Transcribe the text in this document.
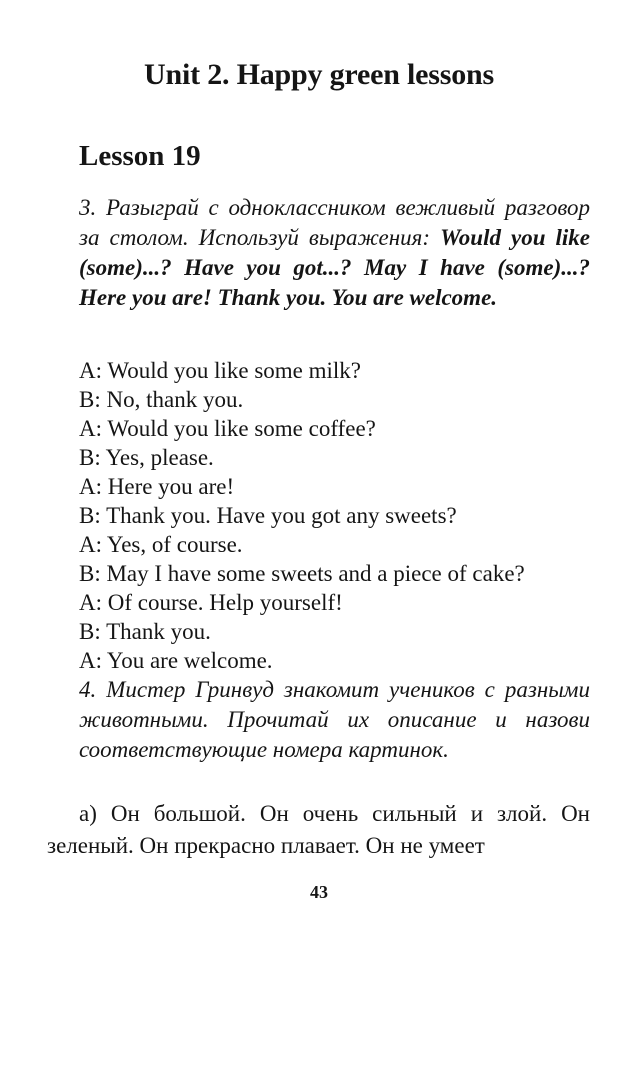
Unit 2. Happy green lessons
Lesson 19
3. Разыграй с одноклассником вежливый разговор за столом. Используй выражения: Would you like (some)...? Have you got...? May I have (some)...? Here you are! Thank you. You are welcome.
A: Would you like some milk?
B: No, thank you.
A: Would you like some coffee?
B: Yes, please.
A: Here you are!
B: Thank you. Have you got any sweets?
A: Yes, of course.
B: May I have some sweets and a piece of cake?
A: Of course. Help yourself!
B: Thank you.
A: You are welcome.
4. Мистер Гринвуд знакомит учеников с разными животными. Прочитай их описание и назови соответствующие номера картинок.
а) Он большой. Он очень сильный и злой. Он зеленый. Он прекрасно плавает. Он не умеет
43
